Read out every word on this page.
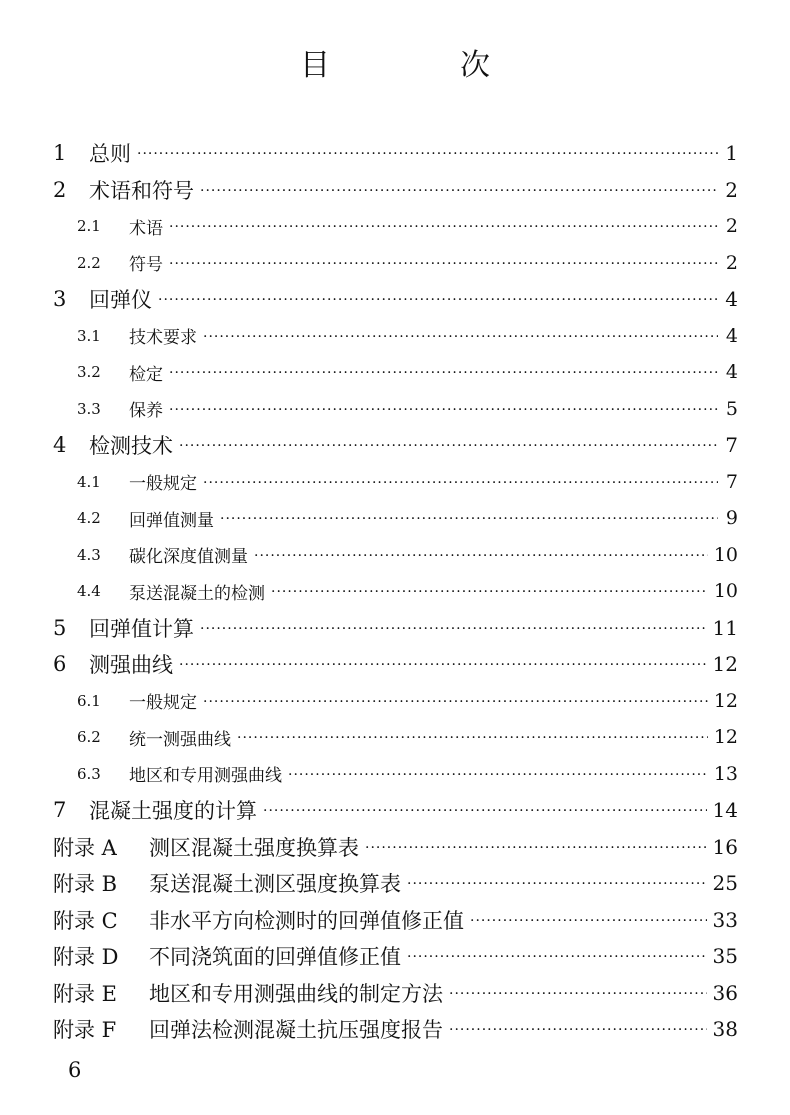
目　次
1	总则 ·····	1
2	术语和符号 ·····	2
2.1	术语 ·····	2
2.2	符号 ·····	2
3	回弹仪 ·····	4
3.1	技术要求 ·····	4
3.2	检定 ·····	4
3.3	保养 ·····	5
4	检测技术 ·····	7
4.1	一般规定 ·····	7
4.2	回弹值测量 ·····	9
4.3	碳化深度值测量 ·····	10
4.4	泵送混凝土的检测 ·····	10
5	回弹值计算 ·····	11
6	测强曲线 ·····	12
6.1	一般规定 ·····	12
6.2	统一测强曲线 ·····	12
6.3	地区和专用测强曲线 ·····	13
7	混凝土强度的计算 ·····	14
附录 A	测区混凝土强度换算表 ·····	16
附录 B	泵送混凝土测区强度换算表 ·····	25
附录 C	非水平方向检测时的回弹值修正值 ·····	33
附录 D	不同浇筑面的回弹值修正值 ·····	35
附录 E	地区和专用测强曲线的制定方法 ·····	36
附录 F	回弹法检测混凝土抗压强度报告 ·····	38
6
